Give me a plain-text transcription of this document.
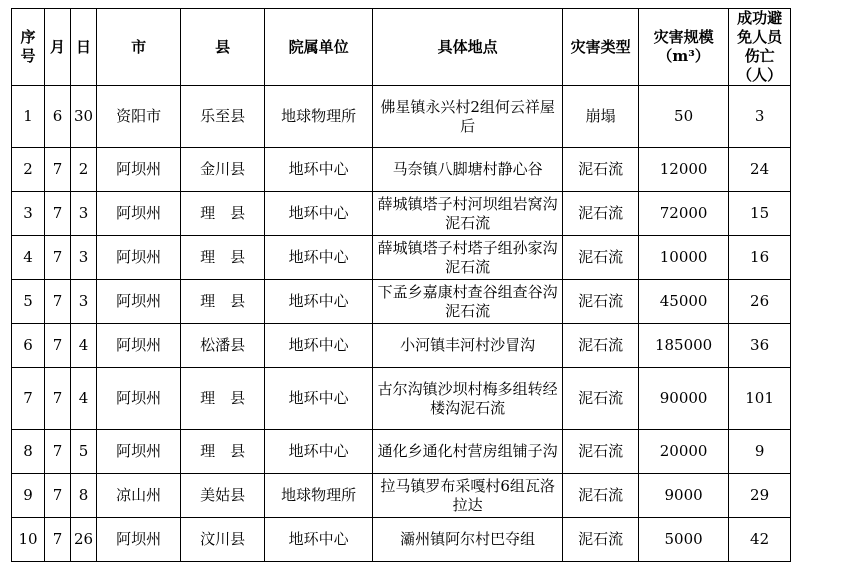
序号	月	日	市	县	院属单位	具体地点	灾害类型	灾害规模（m³）	成功避免人员伤亡（人）
1	6	30	资阳市	乐至县	地球物理所	佛星镇永兴村2组何云祥屋后	崩塌	50	3
2	7	2	阿坝州	金川县	地环中心	马奈镇八脚塘村静心谷	泥石流	12000	24
3	7	3	阿坝州	理　县	地环中心	薛城镇塔子村河坝组岩窝沟泥石流	泥石流	72000	15
4	7	3	阿坝州	理　县	地环中心	薛城镇塔子村塔子组孙家沟泥石流	泥石流	10000	16
5	7	3	阿坝州	理　县	地环中心	下孟乡嘉康村查谷组查谷沟泥石流	泥石流	45000	26
6	7	4	阿坝州	松潘县	地环中心	小河镇丰河村沙冒沟	泥石流	185000	36
7	7	4	阿坝州	理　县	地环中心	古尔沟镇沙坝村梅多组转经楼沟泥石流	泥石流	90000	101
8	7	5	阿坝州	理　县	地环中心	通化乡通化村营房组铺子沟	泥石流	20000	9
9	7	8	凉山州	美姑县	地球物理所	拉马镇罗布采嘎村6组瓦洛拉达	泥石流	9000	29
10	7	26	阿坝州	汶川县	地环中心	灞州镇阿尔村巴夺组	泥石流	5000	42
